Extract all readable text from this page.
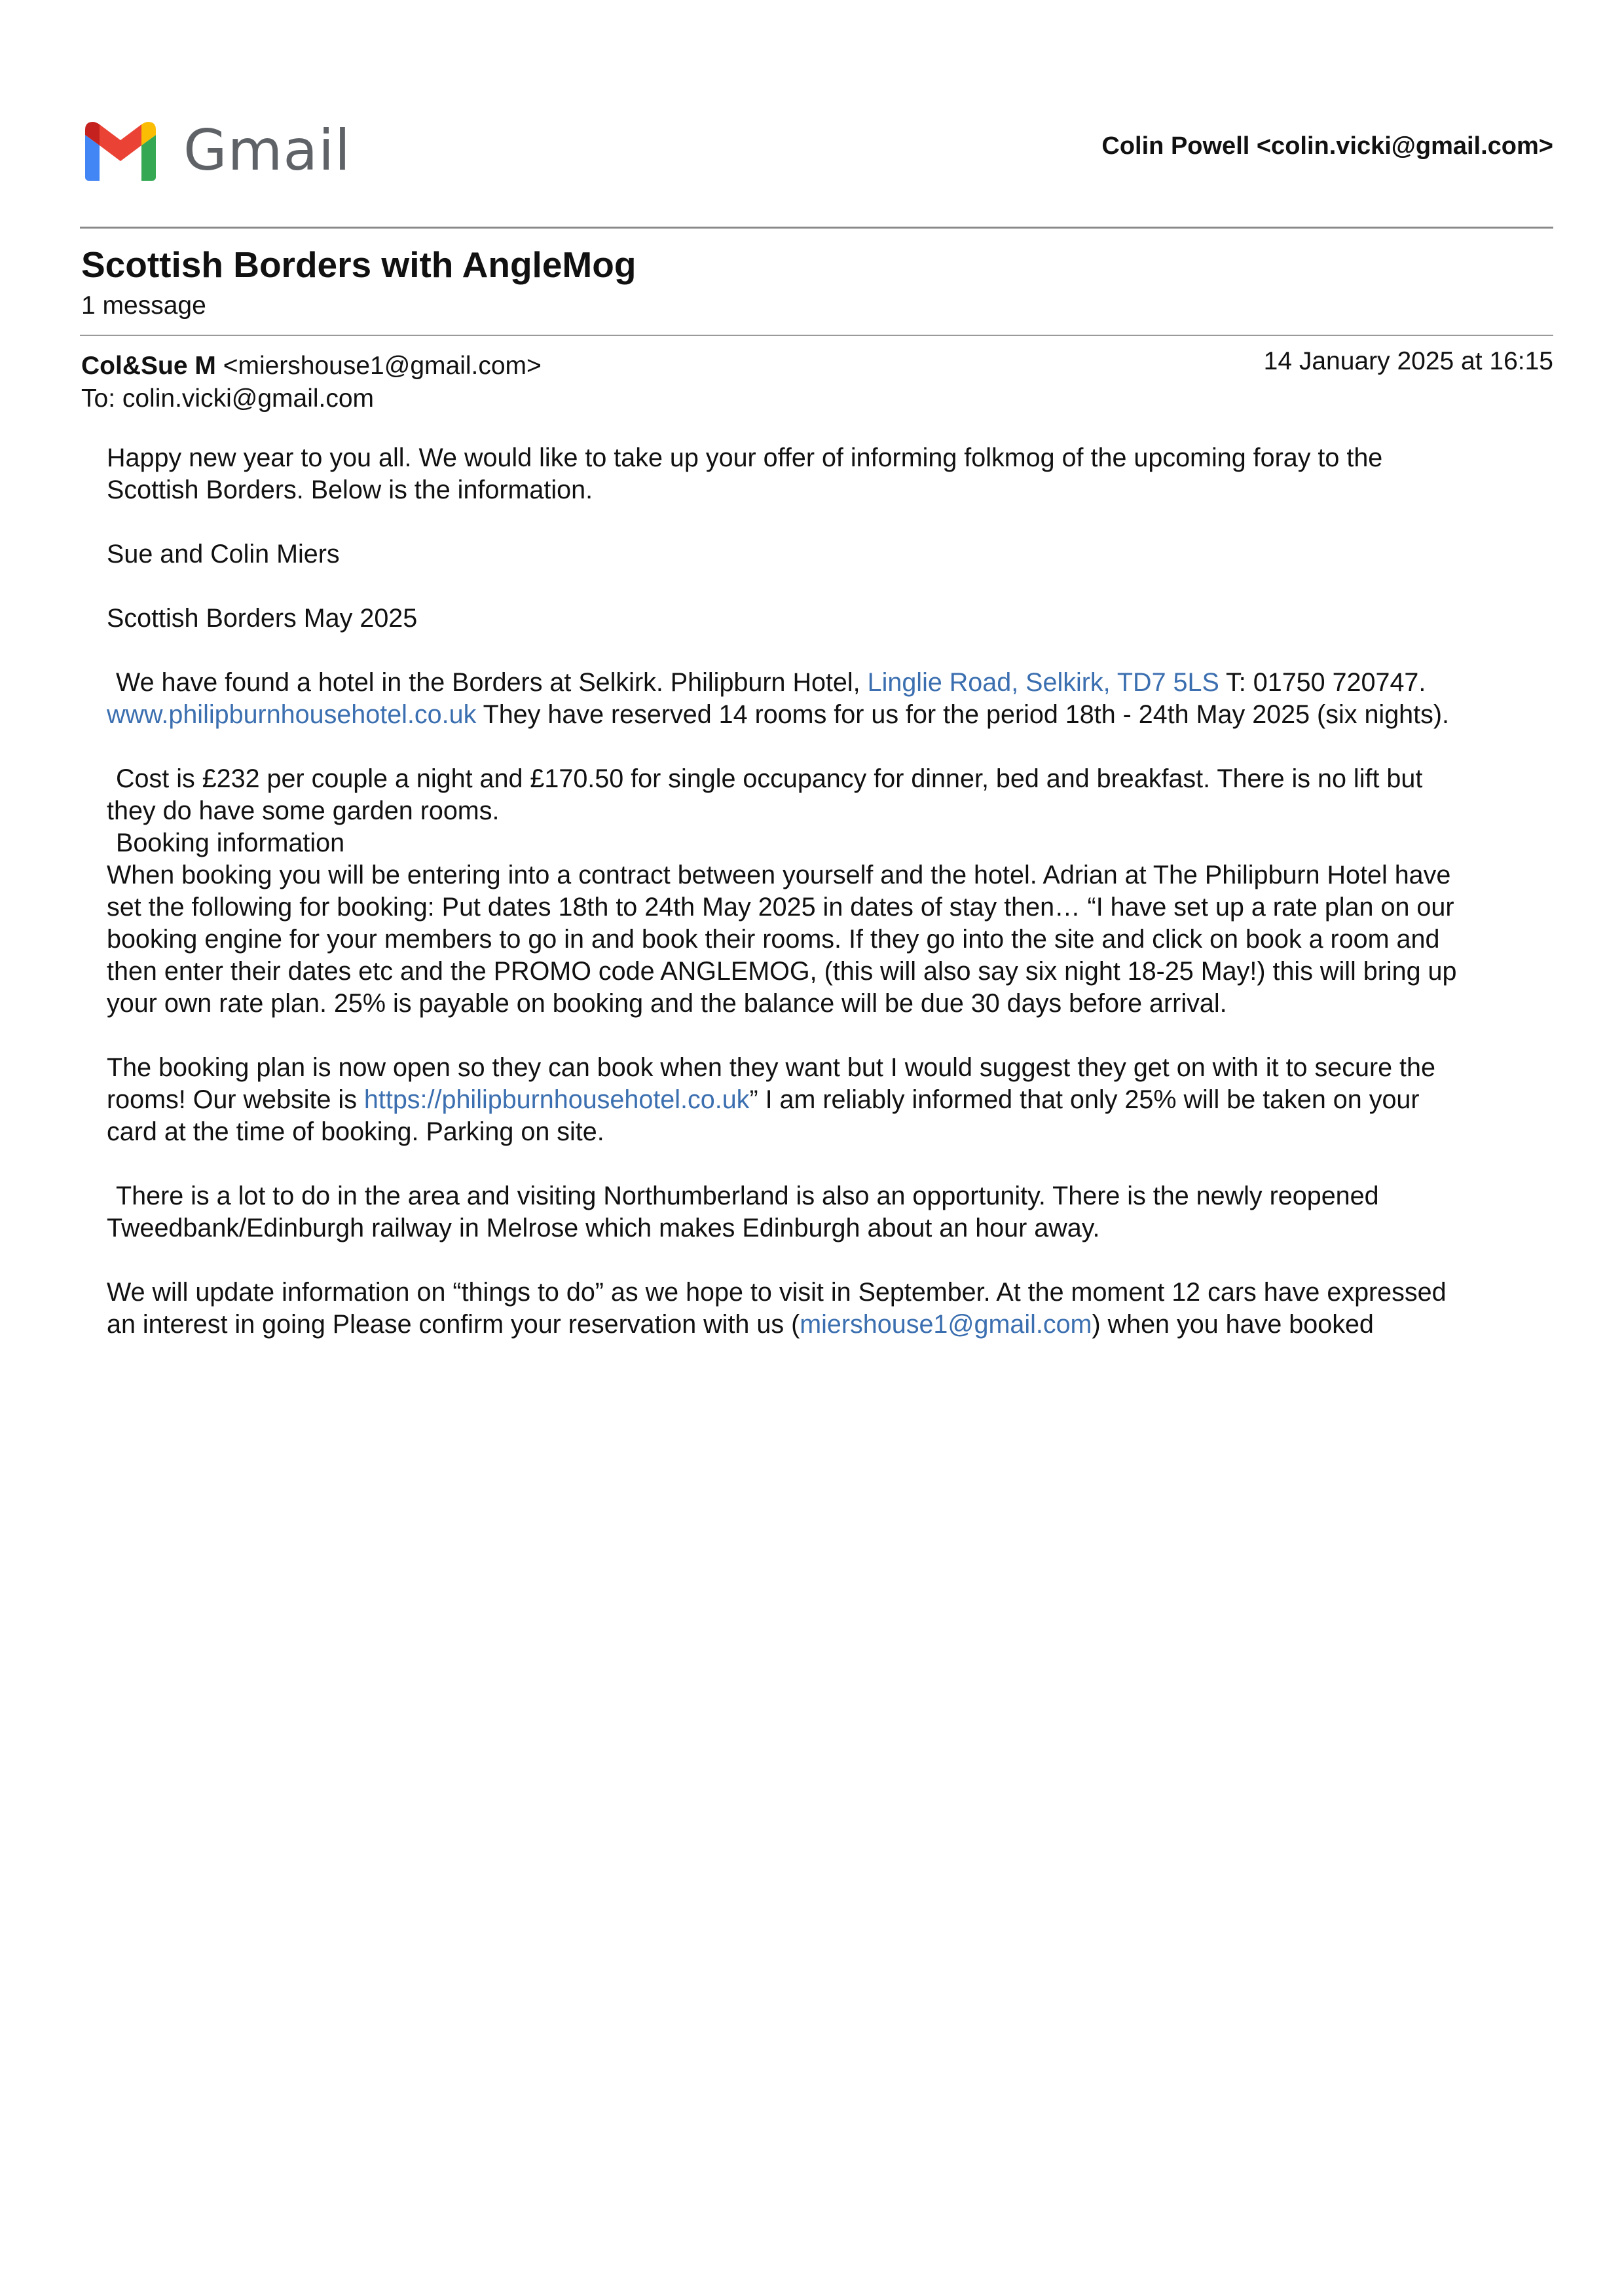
Gmail	Colin Powell <colin.vicki@gmail.com>
Scottish Borders with AngleMog
1 message
Col&Sue M <miershouse1@gmail.com>
To: colin.vicki@gmail.com
14 January 2025 at 16:15

Happy new year to you all. We would like to take up your offer of informing folkmog of the upcoming foray to the

Scottish Borders. Below is the information.

Sue and Colin Miers

Scottish Borders May 2025

We have found a hotel in the Borders at Selkirk. Philipburn Hotel, Linglie Road, Selkirk, TD7 5LS T: 01750 720747.

www.philipburnhousehotel.co.uk They have reserved 14 rooms for us for the period 18th - 24th May 2025 (six nights).

Cost is £232 per couple a night and £170.50 for single occupancy for dinner, bed and breakfast. There is no lift but

they do have some garden rooms.

Booking information

When booking you will be entering into a contract between yourself and the hotel. Adrian at The Philipburn Hotel have

set the following for booking: Put dates 18th to 24th May 2025 in dates of stay then… “I have set up a rate plan on our

booking engine for your members to go in and book their rooms. If they go into the site and click on book a room and

then enter their dates etc and the PROMO code ANGLEMOG, (this will also say six night 18-25 May!) this will bring up

your own rate plan. 25% is payable on booking and the balance will be due 30 days before arrival.

The booking plan is now open so they can book when they want but I would suggest they get on with it to secure the

rooms! Our website is https://philipburnhousehotel.co.uk” I am reliably informed that only 25% will be taken on your

card at the time of booking. Parking on site.

There is a lot to do in the area and visiting Northumberland is also an opportunity. There is the newly reopened

Tweedbank/Edinburgh railway in Melrose which makes Edinburgh about an hour away.

We will update information on “things to do” as we hope to visit in September. At the moment 12 cars have expressed

an interest in going Please confirm your reservation with us (miershouse1@gmail.com) when you have booked
